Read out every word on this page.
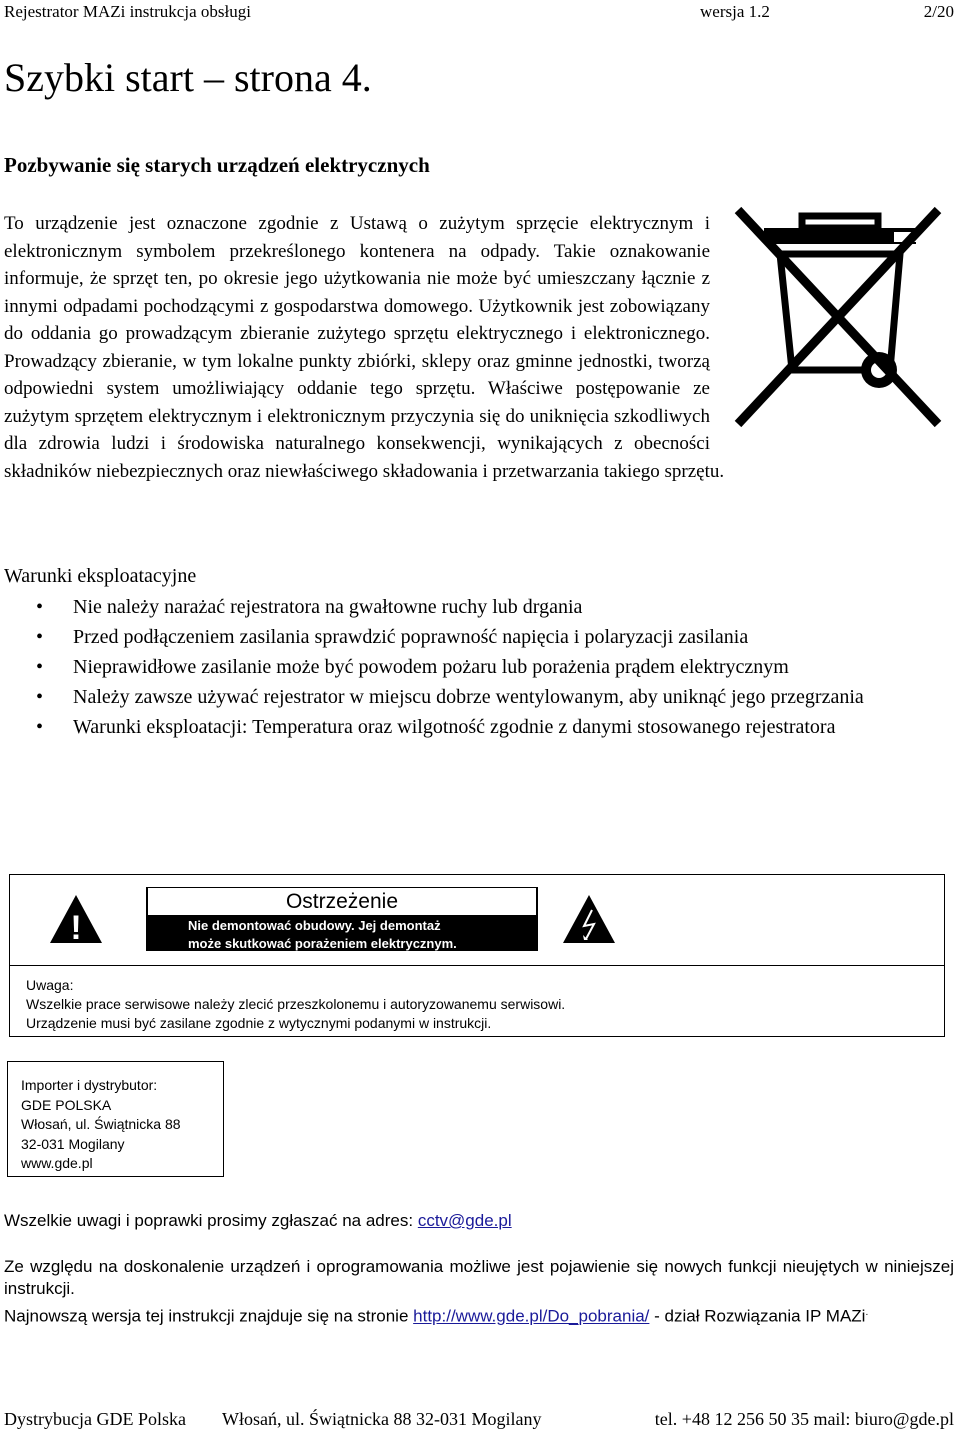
Rejestrator MAZi instrukcja obsługi	wersja 1.2	2/20
Szybki start – strona 4.
Pozbywanie się starych urządzeń elektrycznych
To urządzenie jest oznaczone zgodnie z Ustawą o zużytym sprzęcie elektrycznym i elektronicznym symbolem przekreślonego kontenera na odpady. Takie oznakowanie informuje, że sprzęt ten, po okresie jego użytkowania nie może być umieszczany łącznie z innymi odpadami pochodzącymi z gospodarstwa domowego. Użytkownik jest zobowiązany do oddania go prowadzącym zbieranie zużytego sprzętu elektrycznego i elektronicznego. Prowadzący zbieranie, w tym lokalne punkty zbiórki, sklepy oraz gminne jednostki, tworzą odpowiedni system umożliwiający oddanie tego sprzętu. Właściwe postępowanie ze zużytym sprzętem elektrycznym i elektronicznym przyczynia się do uniknięcia szkodliwych dla zdrowia ludzi i środowiska naturalnego konsekwencji, wynikających z obecności składników niebezpiecznych oraz niewłaściwego składowania i przetwarzania takiego sprzętu.

Warunki eksploatacyjne

• Nie należy narażać rejestratora na gwałtowne ruchy lub drgania
• Przed podłączeniem zasilania sprawdzić poprawność napięcia i polaryzacji zasilania
• Nieprawidłowe zasilanie może być powodem pożaru lub porażenia prądem elektrycznym
• Należy zawsze używać rejestrator w miejscu dobrze wentylowanym, aby uniknąć jego przegrzania
• Warunki eksploatacji: Temperatura oraz wilgotność zgodnie z danymi stosowanego rejestratora
!
Ostrzeżenie
Nie demontować obudowy. Jej demontaż
może skutkować porażeniem elektrycznym.
Uwaga:
Wszelkie prace serwisowe należy zlecić przeszkolonemu i autoryzowanemu serwisowi.
Urządzenie musi być zasilane zgodnie z wytycznymi podanymi w instrukcji.
Importer i dystrybutor:
GDE POLSKA
Włosań, ul. Świątnicka 88
32-031 Mogilany
www.gde.pl

Wszelkie uwagi i poprawki prosimy zgłaszać na adres: cctv@gde.pl

Ze względu na doskonalenie urządzeń i oprogramowania możliwe jest pojawienie się nowych funkcji nieujętych w niniejszej instrukcji.

Najnowszą wersja tej instrukcji znajduje się na stronie http://www.gde.pl/Do_pobrania/ - dział Rozwiązania IP MAZi.

Dystrybucja GDE Polska Włosań, ul. Świątnicka 88 32-031 Mogilany	tel. +48 12 256 50 35 mail: biuro@gde.pl
